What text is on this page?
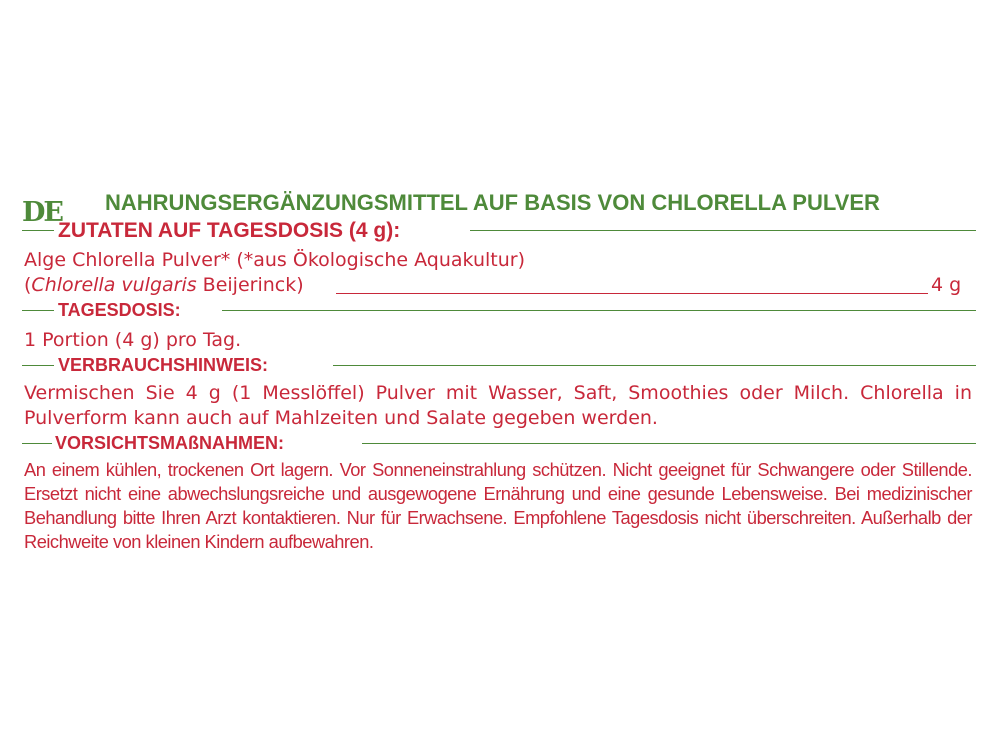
DE NAHRUNGSERGÄNZUNGSMITTEL AUF BASIS VON CHLORELLA PULVER
ZUTATEN AUF TAGESDOSIS (4 g):
Alge Chlorella Pulver* (*aus Ökologische Aquakultur)
(Chlorella vulgaris Beijerinck)	4 g
TAGESDOSIS:
1 Portion (4 g) pro Tag.
VERBRAUCHSHINWEIS:
Vermischen Sie 4 g (1 Messlöffel) Pulver mit Wasser, Saft, Smoothies oder Milch. Chlorella in Pulverform kann auch auf Mahlzeiten und Salate gegeben werden.
VORSICHTSMAßNAHMEN:
An einem kühlen, trockenen Ort lagern. Vor Sonneneinstrahlung schützen. Nicht geeignet für Schwangere oder Stillende. Ersetzt nicht eine abwechslungsreiche und ausgewogene Ernährung und eine gesunde Lebensweise. Bei medizinischer Behandlung bitte Ihren Arzt kontaktieren. Nur für Erwachsene. Empfohlene Tagesdosis nicht überschreiten. Außerhalb der Reichweite von kleinen Kindern aufbewahren.
